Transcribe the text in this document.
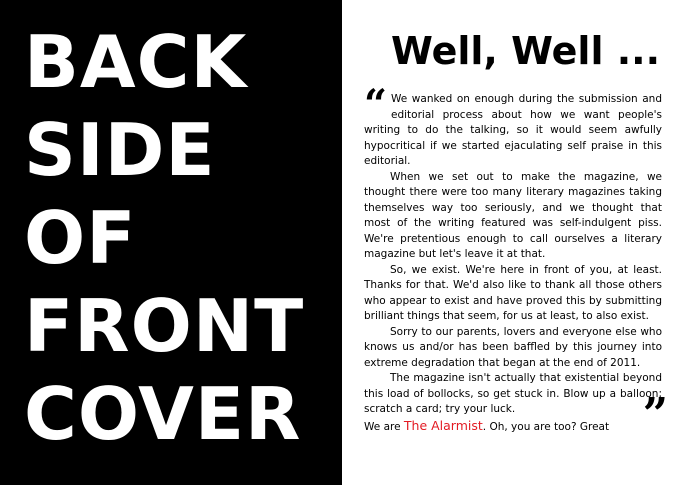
BACK
SIDE
OF
FRONT
COVER
Well, Well ...

“ We wanked on enough during the submission and editorial process about how we want people's writing to do the talking, so it would seem awfully hypocritical if we started ejaculating self praise in this editorial.

When we set out to make the magazine, we thought there were too many literary magazines taking themselves way too seriously, and we thought that most of the writing featured was self-indulgent piss. We're pretentious enough to call ourselves a literary magazine but let's leave it at that.

So, we exist. We're here in front of you, at least. Thanks for that. We'd also like to thank all those others who appear to exist and have proved this by submitting brilliant things that seem, for us at least, to also exist.

Sorry to our parents, lovers and everyone else who knows us and/or has been baffled by this journey into extreme degradation that began at the end of 2011.

The magazine isn't actually that existential beyond this load of bollocks, so get stuck in. Blow up a balloon; scratch a card; try your luck.

We are The Alarmist. Oh, you are too? Great ”
